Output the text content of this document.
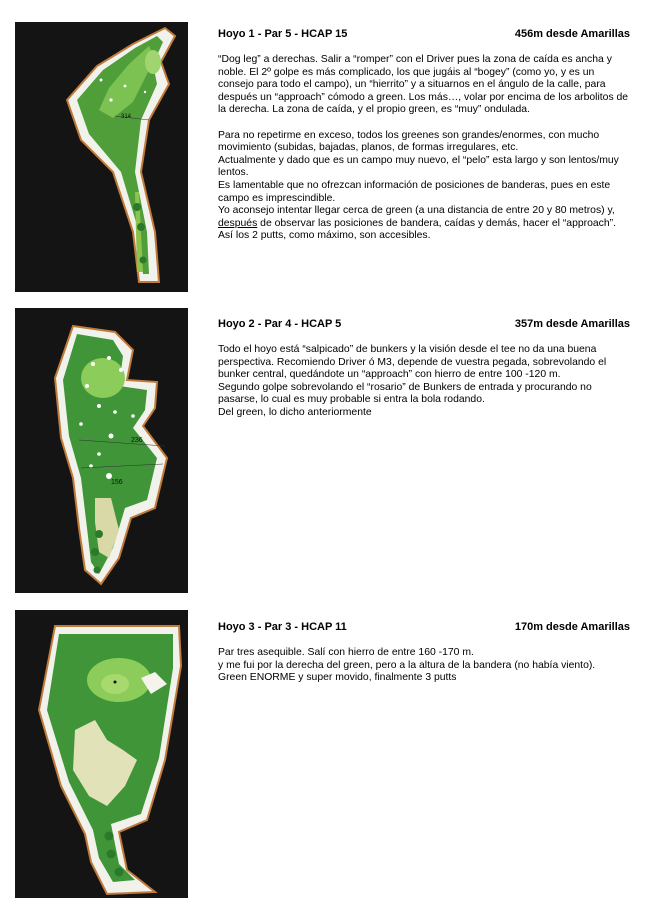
314
Hoyo 1 - Par 5 - HCAP 15	456m desde Amarillas

“Dog leg” a derechas. Salir a “romper” con el Driver pues la zona de caída es ancha y noble. El 2º golpe es más complicado, los que jugáis al “bogey” (como yo, y es un consejo para todo el campo), un “hierrito” y a situarnos en el ángulo de la calle, para después un “approach” cómodo a green. Los más…, volar por encima de los arbolitos de la derecha. La zona de caída, y el propio green, es “muy” ondulada.

Para no repetirme en exceso, todos los greenes son grandes/enormes, con mucho movimiento (subidas, bajadas, planos, de formas irregulares, etc.

Actualmente y dado que es un campo muy nuevo, el “pelo” esta largo y son lentos/muy lentos.

Es lamentable que no ofrezcan información de posiciones de banderas, pues en este campo es imprescindible.

Yo aconsejo intentar llegar cerca de green (a una distancia de entre 20 y 80 metros) y, después de observar las posiciones de bandera, caídas y demás, hacer el “approach”. Así los 2 putts, como máximo, son accesibles.

236
156
Hoyo 2 - Par 4 - HCAP 5	357m desde Amarillas

Todo el hoyo está “salpicado” de bunkers y la visión desde el tee no da una buena perspectiva. Recomiendo Driver ó M3, depende de vuestra pegada, sobrevolando el bunker central, quedándote un “approach” con hierro de entre 100 -120 m.

Segundo golpe sobrevolando el “rosario” de Bunkers de entrada y procurando no pasarse, lo cual es muy probable si entra la bola rodando.

Del green, lo dicho anteriormente

Hoyo 3 - Par 3 - HCAP 11	170m desde Amarillas

Par tres asequible. Salí con hierro de entre 160 -170 m.

y me fui por la derecha del green, pero a la altura de la bandera (no había viento).

Green ENORME y super movido, finalmente 3 putts
